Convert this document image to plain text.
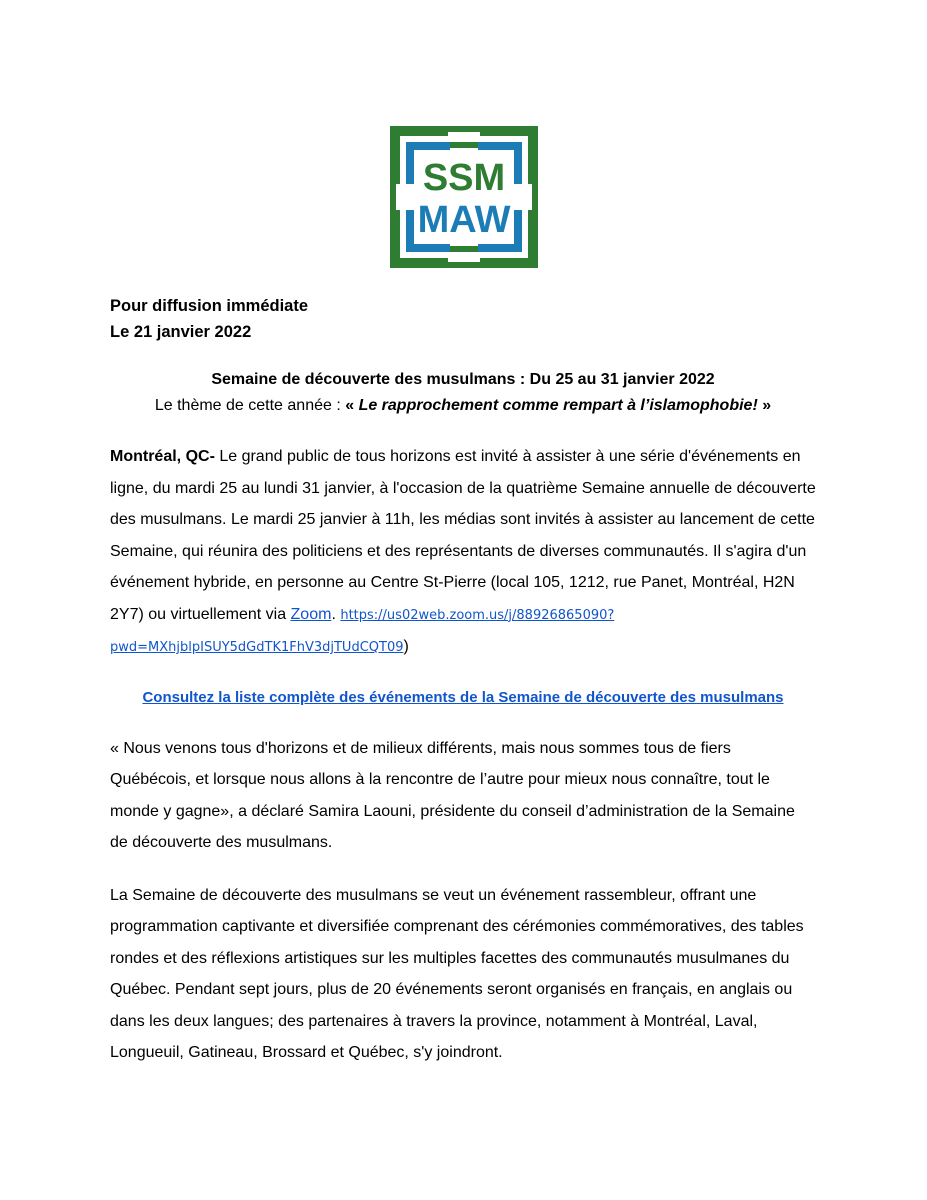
SSM
MAW

Pour diffusion immédiate

Le 21 janvier 2022

Semaine de découverte des musulmans : Du 25 au 31 janvier 2022

Le thème de cette année : « Le rapprochement comme rempart à l’islamophobie! »

Montréal, QC- Le grand public de tous horizons est invité à assister à une série d'événements en ligne, du mardi 25 au lundi 31 janvier, à l'occasion de la quatrième Semaine annuelle de découverte des musulmans. Le mardi 25 janvier à 11h, les médias sont invités à assister au lancement de cette Semaine, qui réunira des politiciens et des représentants de diverses communautés. Il s'agira d'un événement hybride, en personne au Centre St-Pierre (local 105, 1212, rue Panet, Montréal, H2N 2Y7) ou virtuellement via Zoom. https://us02web.zoom.us/j/88926865090?pwd=MXhjblpISUY5dGdTK1FhV3djTUdCQT09)

Consultez la liste complète des événements de la Semaine de découverte des musulmans

« Nous venons tous d'horizons et de milieux différents, mais nous sommes tous de fiers Québécois, et lorsque nous allons à la rencontre de l’autre pour mieux nous connaître, tout le monde y gagne», a déclaré Samira Laouni, présidente du conseil d’administration de la Semaine de découverte des musulmans.

La Semaine de découverte des musulmans se veut un événement rassembleur, offrant une programmation captivante et diversifiée comprenant des cérémonies commémoratives, des tables rondes et des réflexions artistiques sur les multiples facettes des communautés musulmanes du Québec. Pendant sept jours, plus de 20 événements seront organisés en français, en anglais ou dans les deux langues; des partenaires à travers la province, notamment à Montréal, Laval, Longueuil, Gatineau, Brossard et Québec, s'y joindront.
